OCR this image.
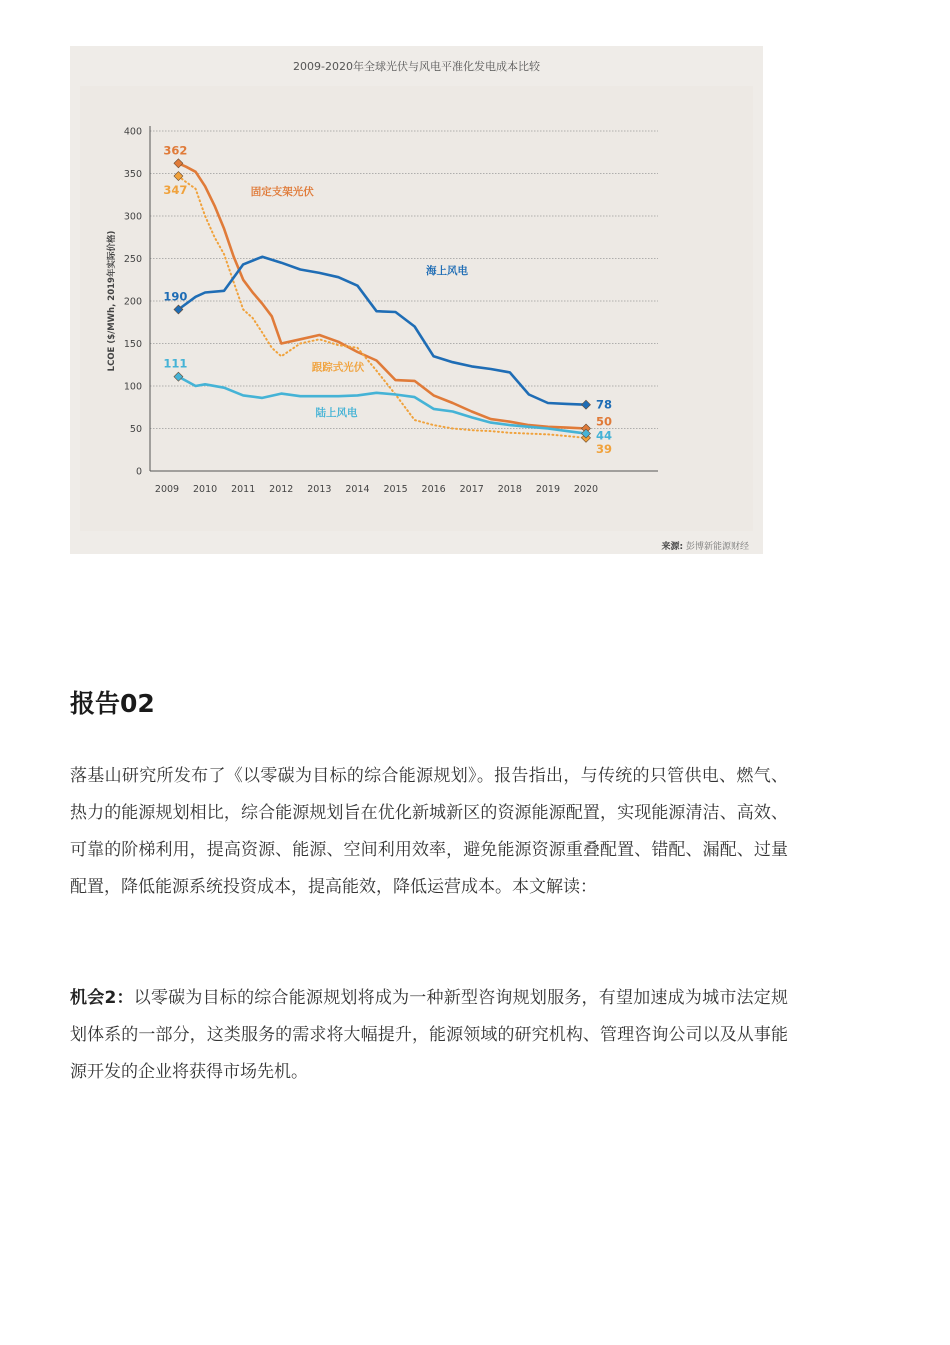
2009-2020年全球光伏与风电平准化发电成本比较
0
50
100
150
200
250
300
350
400
2009 2010 2011 2012 2013 2014 2015 2016 2017 2018 2019 2020
LCOE ($/MWh, 2019年实际价格)
362
50
347
39
190
78
111
44
固定支架光伏
海上风电
跟踪式光伏
陆上风电
来源: 彭博新能源财经
报告02

落基山研究所发布了《以零碳为目标的综合能源规划》。报告指出，与传统的只管供电、燃气、热力的能源规划相比，综合能源规划旨在优化新城新区的资源能源配置，实现能源清洁、高效、可靠的阶梯利用，提高资源、能源、空间利用效率，避免能源资源重叠配置、错配、漏配、过量配置，降低能源系统投资成本，提高能效，降低运营成本。本文解读：

机会2：以零碳为目标的综合能源规划将成为一种新型咨询规划服务，有望加速成为城市法定规划体系的一部分，这类服务的需求将大幅提升，能源领域的研究机构、管理咨询公司以及从事能源开发的企业将获得市场先机。
